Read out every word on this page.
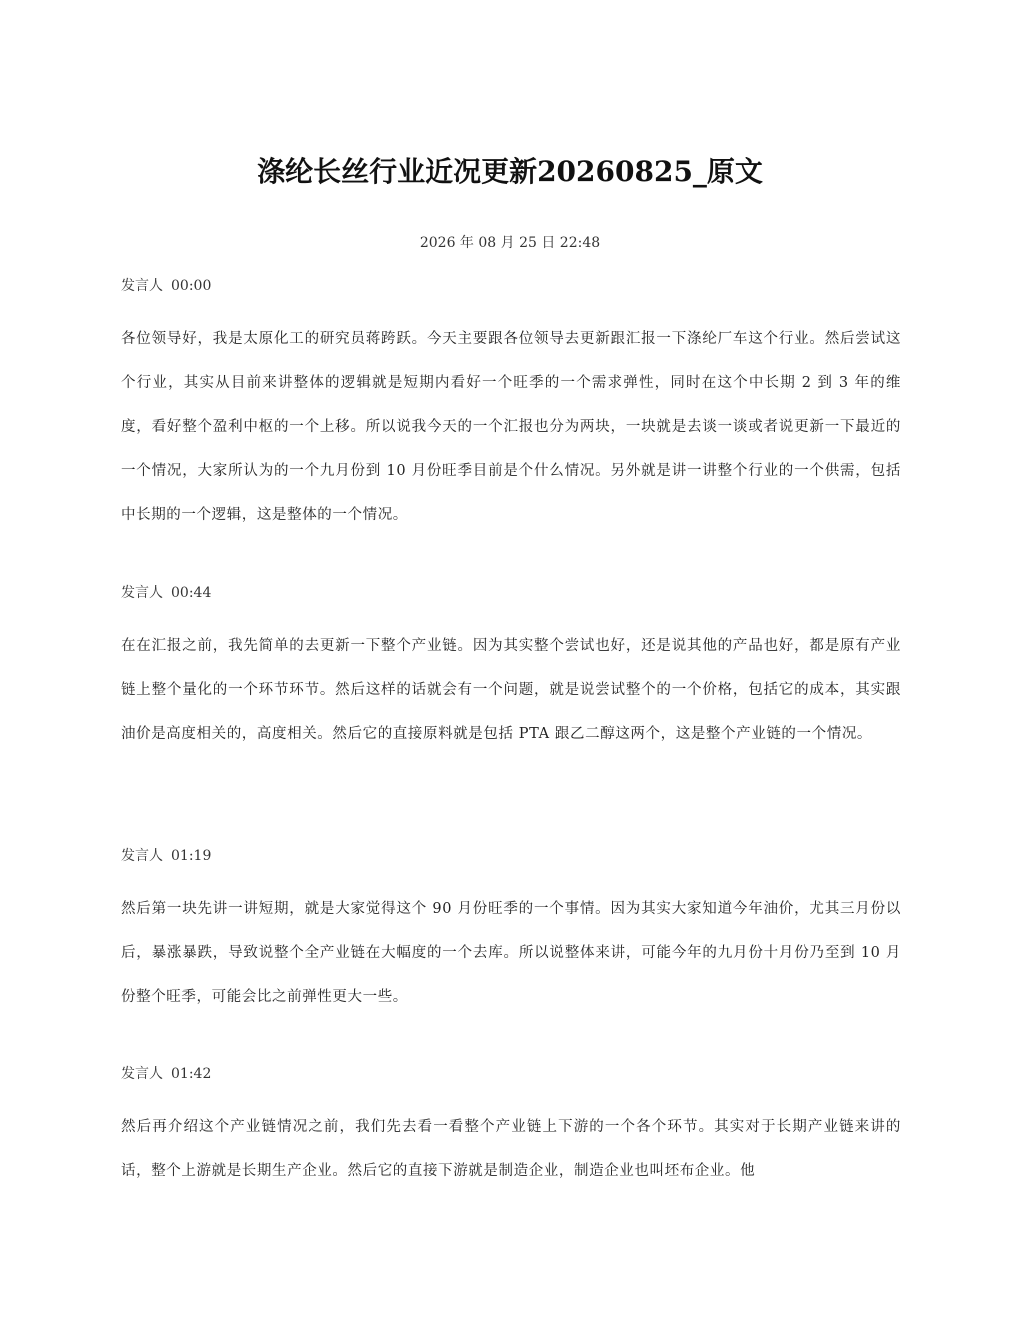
涤纶长丝行业近况更新20260825_原文
2026 年 08 月 25 日 22:48
发言人 00:00
各位领导好，我是太原化工的研究员蒋跨跃。今天主要跟各位领导去更新跟汇报一下涤纶厂车这个行业。然后尝试这个行业，其实从目前来讲整体的逻辑就是短期内看好一个旺季的一个需求弹性，同时在这个中长期 2 到 3 年的维度，看好整个盈利中枢的一个上移。所以说我今天的一个汇报也分为两块，一块就是去谈一谈或者说更新一下最近的一个情况，大家所认为的一个九月份到 10 月份旺季目前是个什么情况。另外就是讲一讲整个行业的一个供需，包括中长期的一个逻辑，这是整体的一个情况。
发言人 00:44
在在汇报之前，我先简单的去更新一下整个产业链。因为其实整个尝试也好，还是说其他的产品也好，都是原有产业链上整个量化的一个环节环节。然后这样的话就会有一个问题，就是说尝试整个的一个价格，包括它的成本，其实跟油价是高度相关的，高度相关。然后它的直接原料就是包括 PTA 跟乙二醇这两个，这是整个产业链的一个情况。
发言人 01:19
然后第一块先讲一讲短期，就是大家觉得这个 90 月份旺季的一个事情。因为其实大家知道今年油价，尤其三月份以后，暴涨暴跌，导致说整个全产业链在大幅度的一个去库。所以说整体来讲，可能今年的九月份十月份乃至到 10 月份整个旺季，可能会比之前弹性更大一些。
发言人 01:42
然后再介绍这个产业链情况之前，我们先去看一看整个产业链上下游的一个各个环节。其实对于长期产业链来讲的话，整个上游就是长期生产企业。然后它的直接下游就是制造企业，制造企业也叫坯布企业。他
